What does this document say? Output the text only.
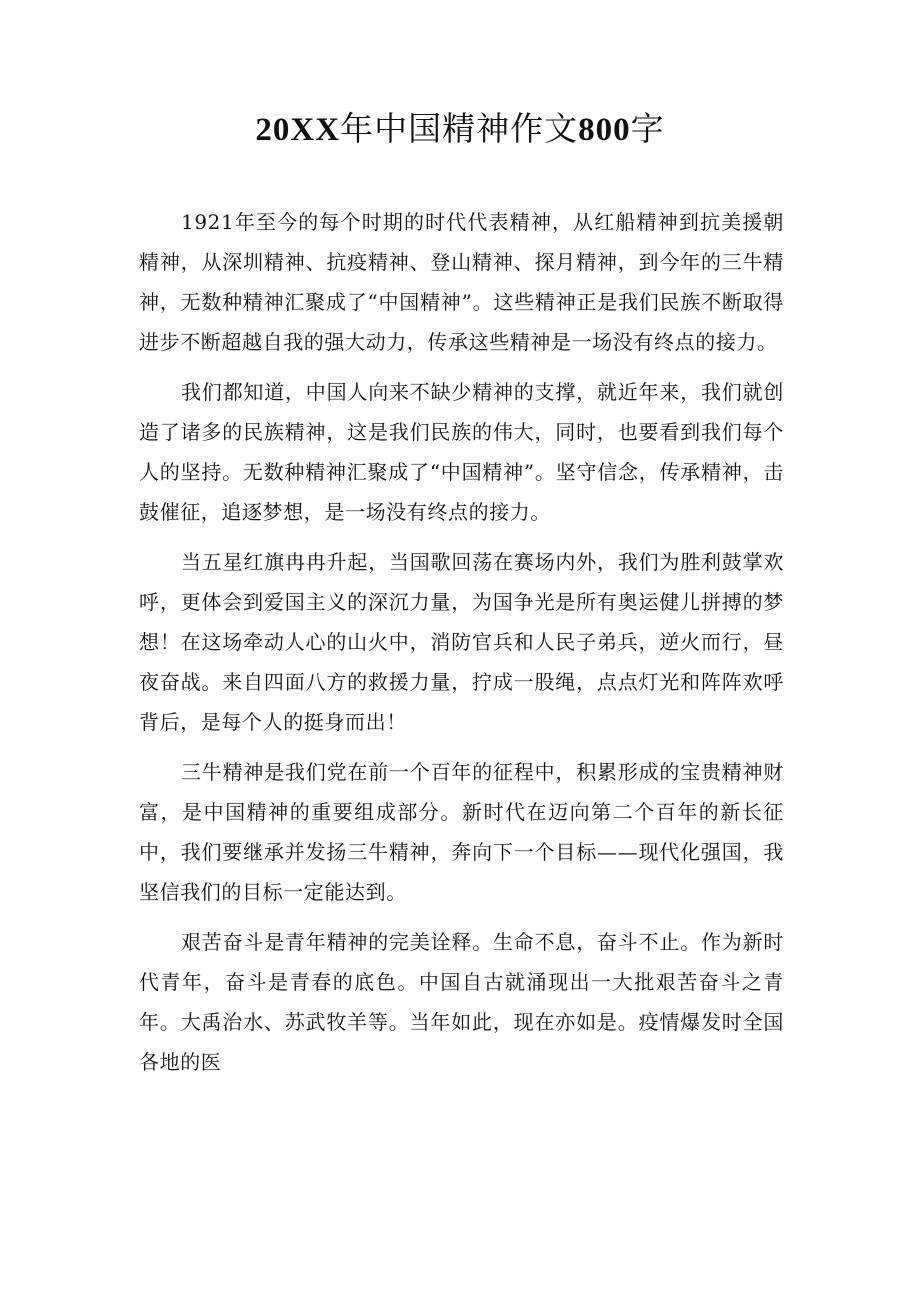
20XX年中国精神作文800字

1921年至今的每个时期的时代代表精神，从红船精神到抗美援朝精神，从深圳精神、抗疫精神、登山精神、探月精神，到今年的三牛精神，无数种精神汇聚成了“中国精神”。这些精神正是我们民族不断取得进步不断超越自我的强大动力，传承这些精神是一场没有终点的接力。

我们都知道，中国人向来不缺少精神的支撑，就近年来，我们就创造了诸多的民族精神，这是我们民族的伟大，同时，也要看到我们每个人的坚持。无数种精神汇聚成了“中国精神”。坚守信念，传承精神，击鼓催征，追逐梦想，是一场没有终点的接力。

当五星红旗冉冉升起，当国歌回荡在赛场内外，我们为胜利鼓掌欢呼，更体会到爱国主义的深沉力量，为国争光是所有奥运健儿拼搏的梦想！在这场牵动人心的山火中，消防官兵和人民子弟兵，逆火而行，昼夜奋战。来自四面八方的救援力量，拧成一股绳，点点灯光和阵阵欢呼背后，是每个人的挺身而出！

三牛精神是我们党在前一个百年的征程中，积累形成的宝贵精神财富，是中国精神的重要组成部分。新时代在迈向第二个百年的新长征中，我们要继承并发扬三牛精神，奔向下一个目标——现代化强国，我坚信我们的目标一定能达到。

艰苦奋斗是青年精神的完美诠释。生命不息，奋斗不止。作为新时代青年，奋斗是青春的底色。中国自古就涌现出一大批艰苦奋斗之青年。大禹治水、苏武牧羊等。当年如此，现在亦如是。疫情爆发时全国各地的医
